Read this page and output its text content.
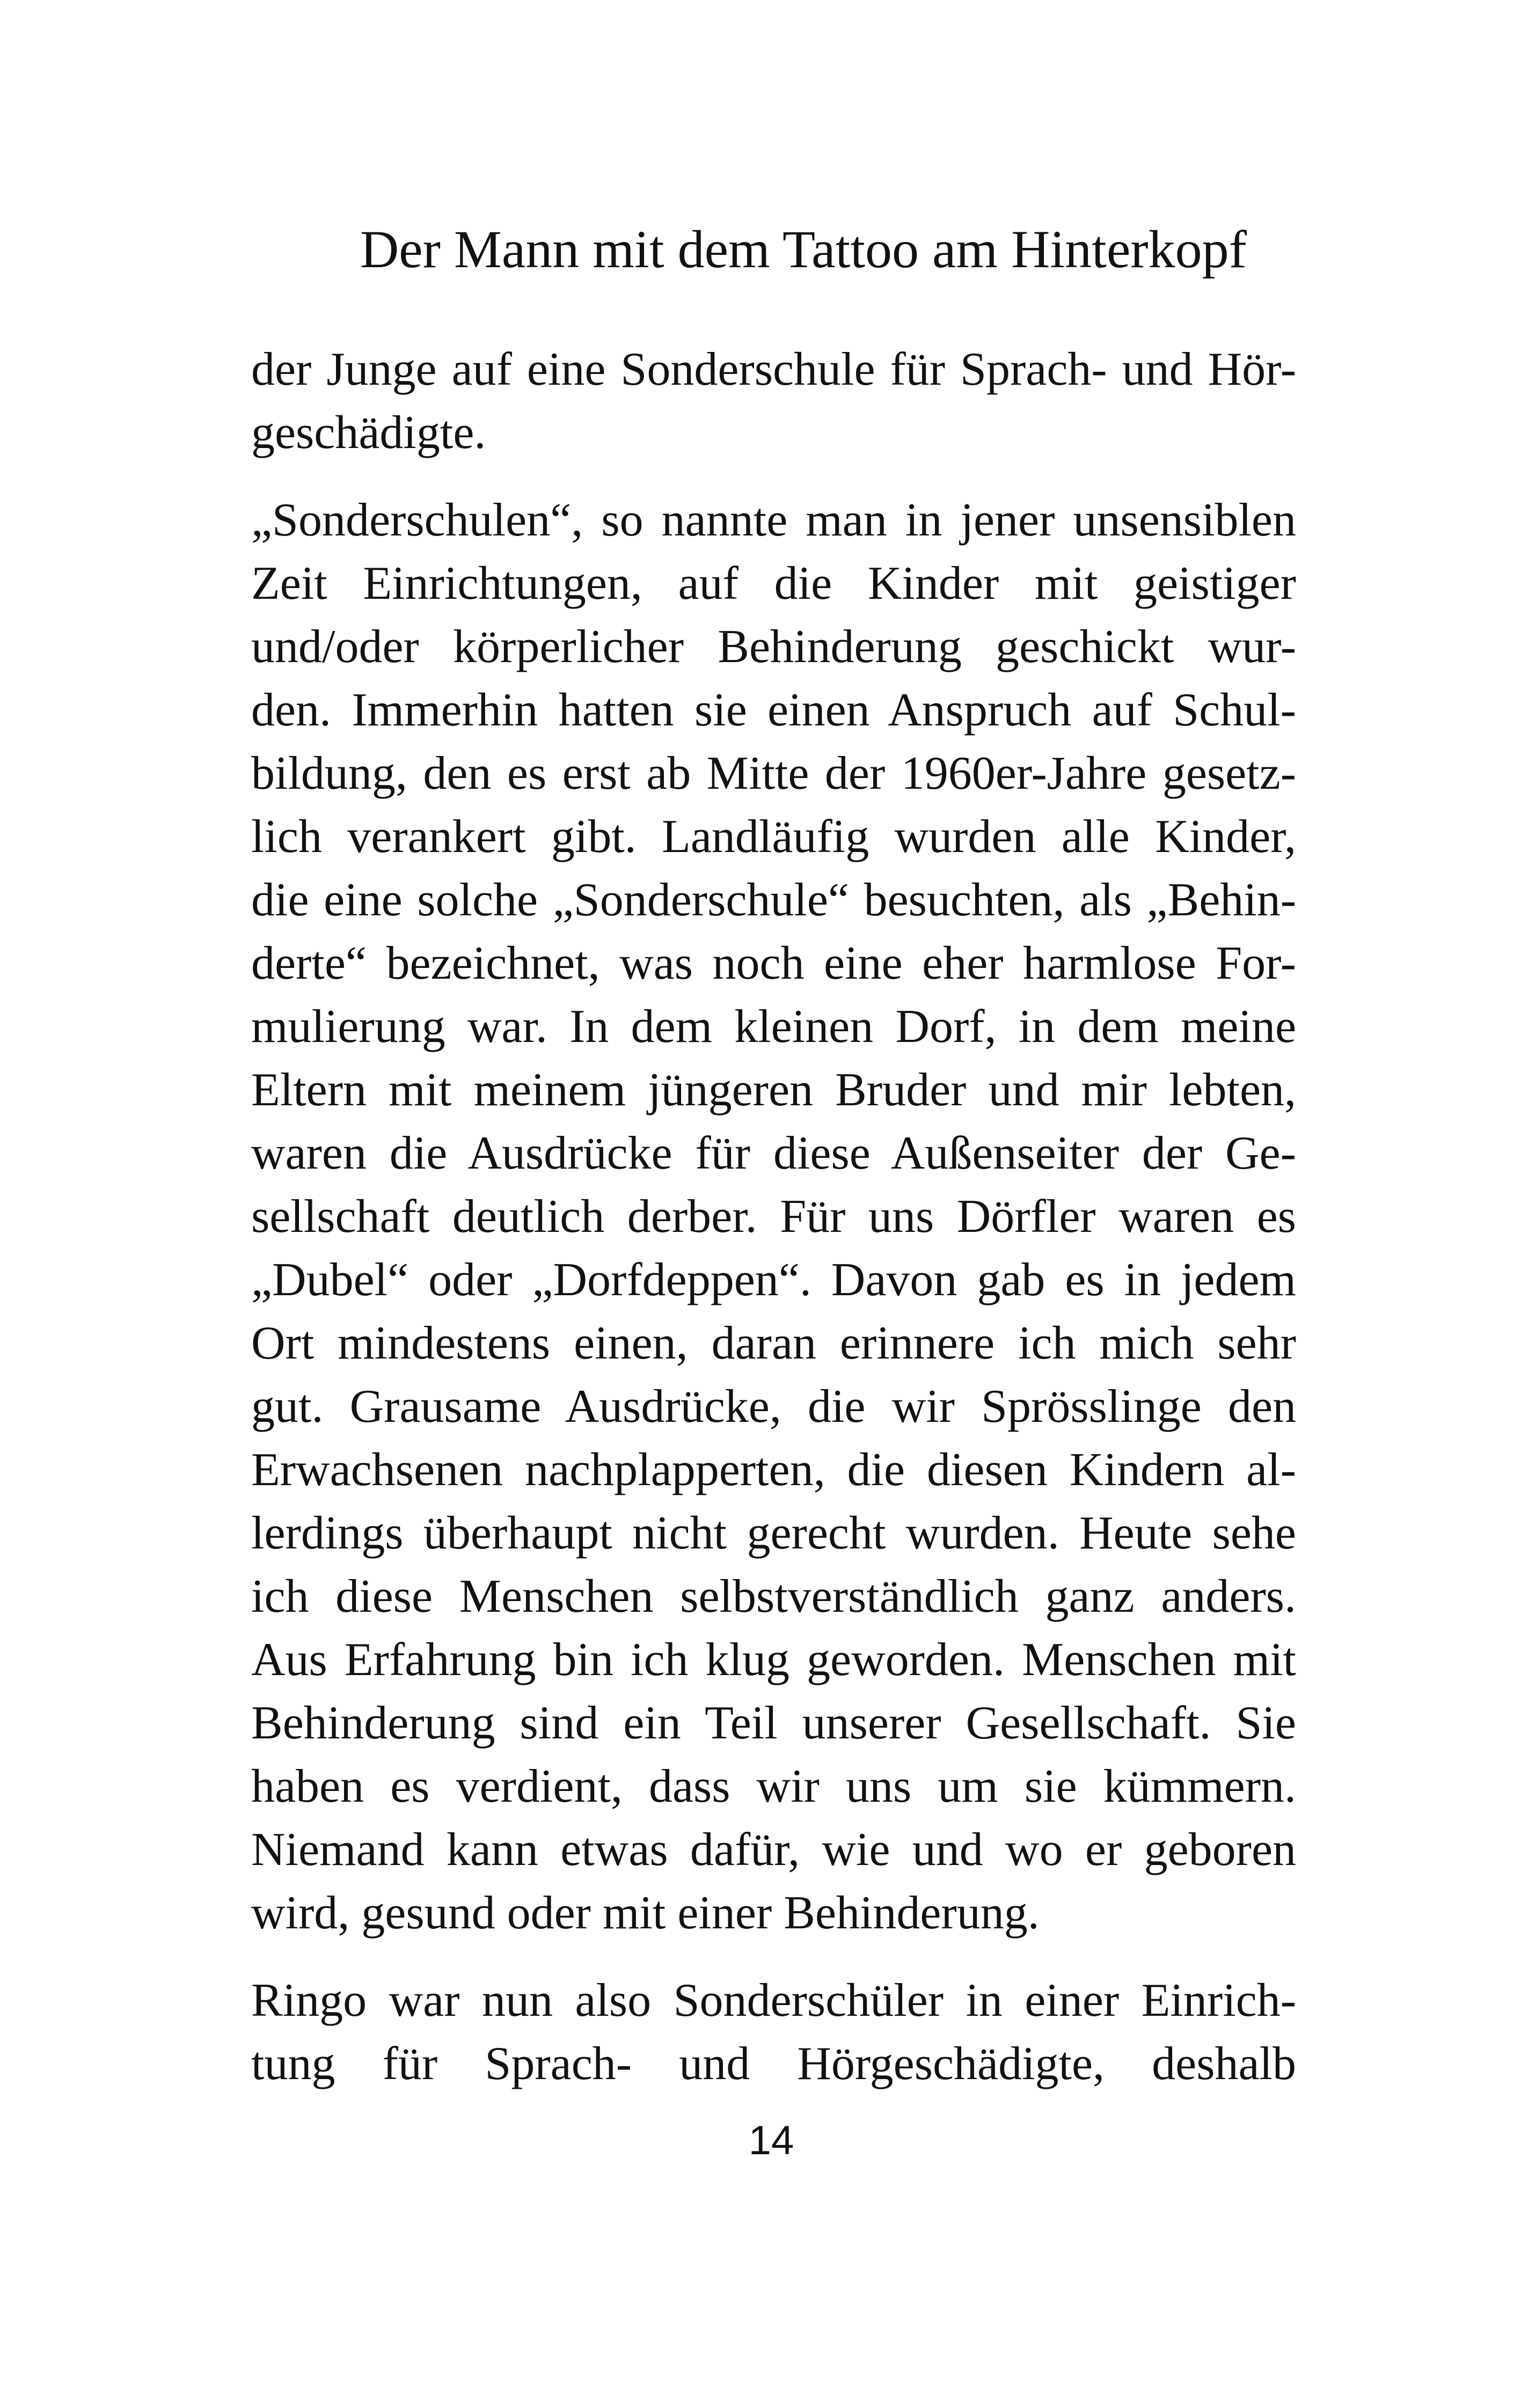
Der Mann mit dem Tattoo am Hinterkopf
der Junge auf eine Sonderschule für Sprach- und Hör-
geschädigte.
„Sonderschulen“, so nannte man in jener unsensiblen
Zeit Einrichtungen, auf die Kinder mit geistiger
und/oder körperlicher Behinderung geschickt wur-
den. Immerhin hatten sie einen Anspruch auf Schul-
bildung, den es erst ab Mitte der 1960er-Jahre gesetz-
lich verankert gibt. Landläufig wurden alle Kinder,
die eine solche „Sonderschule“ besuchten, als „Behin-
derte“ bezeichnet, was noch eine eher harmlose For-
mulierung war. In dem kleinen Dorf, in dem meine
Eltern mit meinem jüngeren Bruder und mir lebten,
waren die Ausdrücke für diese Außenseiter der Ge-
sellschaft deutlich derber. Für uns Dörfler waren es
„Dubel“ oder „Dorfdeppen“. Davon gab es in jedem
Ort mindestens einen, daran erinnere ich mich sehr
gut. Grausame Ausdrücke, die wir Sprösslinge den
Erwachsenen nachplapperten, die diesen Kindern al-
lerdings überhaupt nicht gerecht wurden. Heute sehe
ich diese Menschen selbstverständlich ganz anders.
Aus Erfahrung bin ich klug geworden. Menschen mit
Behinderung sind ein Teil unserer Gesellschaft. Sie
haben es verdient, dass wir uns um sie kümmern.
Niemand kann etwas dafür, wie und wo er geboren
wird, gesund oder mit einer Behinderung.
Ringo war nun also Sonderschüler in einer Einrich-
tung für Sprach- und Hörgeschädigte, deshalb
14
